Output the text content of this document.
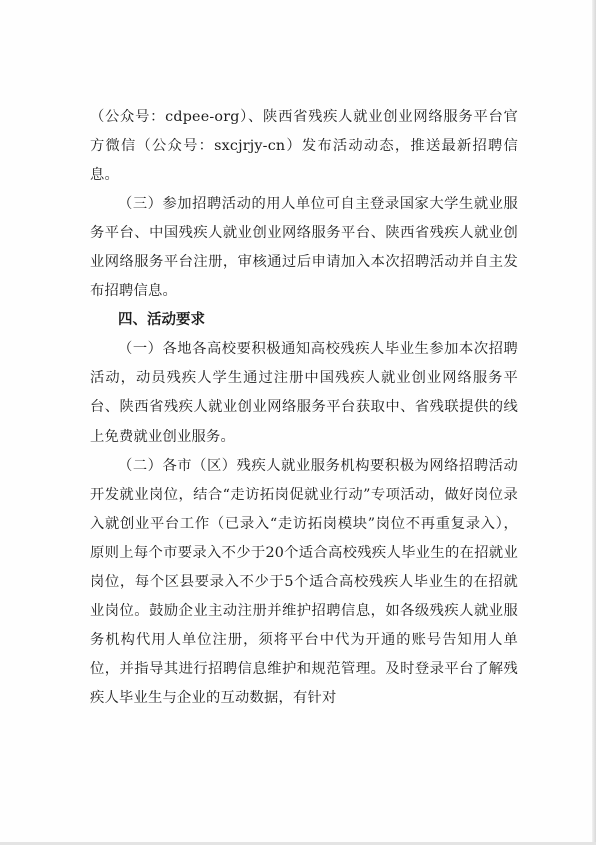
（公众号：cdpee-org）、陕西省残疾人就业创业网络服务平台官方微信（公众号：sxcjrjy-cn）发布活动动态，推送最新招聘信息。

（三）参加招聘活动的用人单位可自主登录国家大学生就业服务平台、中国残疾人就业创业网络服务平台、陕西省残疾人就业创业网络服务平台注册，审核通过后申请加入本次招聘活动并自主发布招聘信息。

四、活动要求

（一）各地各高校要积极通知高校残疾人毕业生参加本次招聘活动，动员残疾人学生通过注册中国残疾人就业创业网络服务平台、陕西省残疾人就业创业网络服务平台获取中、省残联提供的线上免费就业创业服务。

（二）各市（区）残疾人就业服务机构要积极为网络招聘活动开发就业岗位，结合“走访拓岗促就业行动”专项活动，做好岗位录入就创业平台工作（已录入“走访拓岗模块”岗位不再重复录入），原则上每个市要录入不少于20个适合高校残疾人毕业生的在招就业岗位，每个区县要录入不少于5个适合高校残疾人毕业生的在招就业岗位。鼓励企业主动注册并维护招聘信息，如各级残疾人就业服务机构代用人单位注册，须将平台中代为开通的账号告知用人单位，并指导其进行招聘信息维护和规范管理。及时登录平台了解残疾人毕业生与企业的互动数据，有针对
